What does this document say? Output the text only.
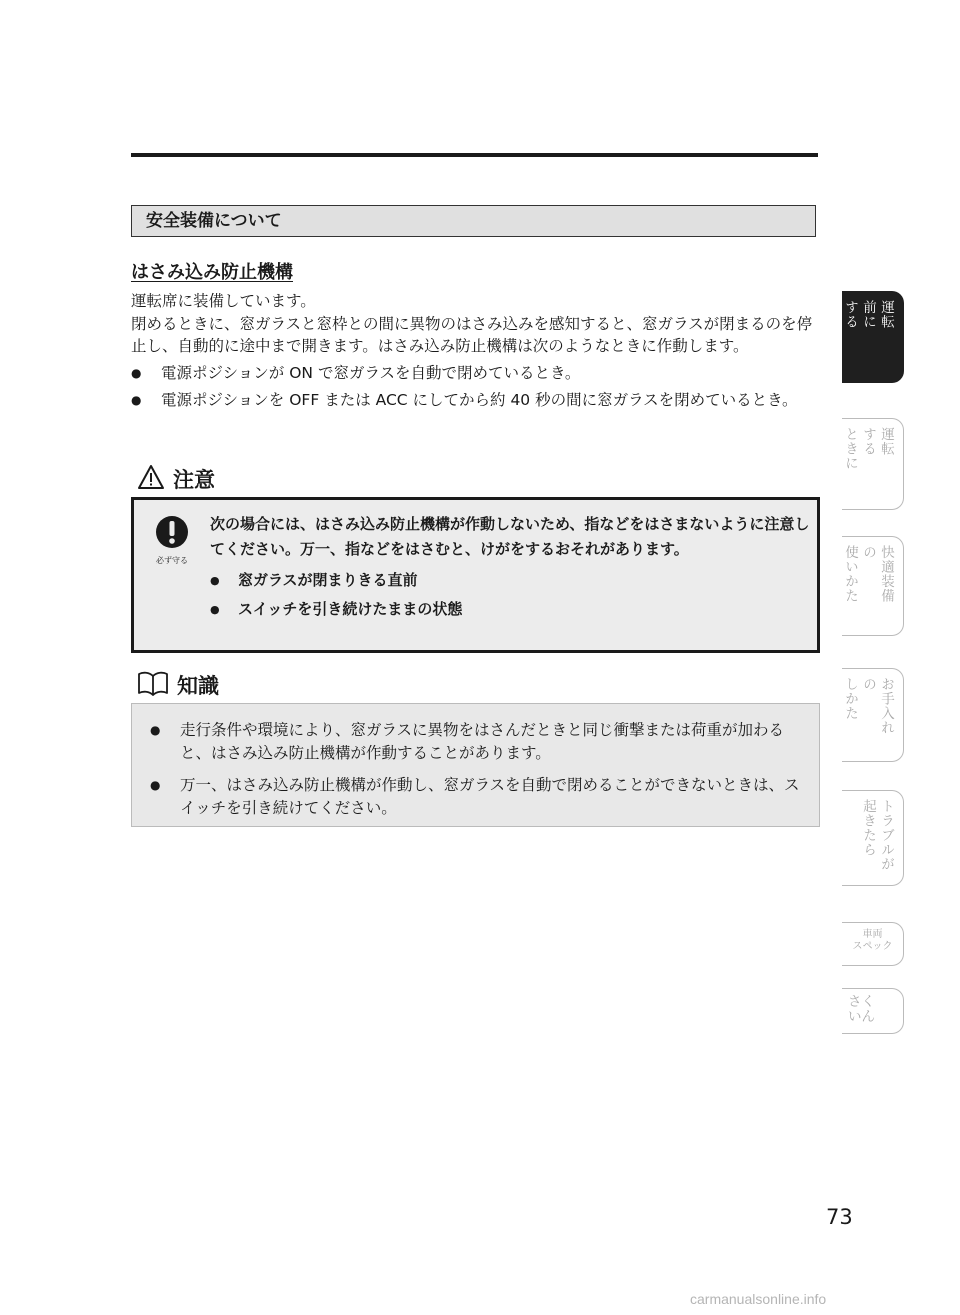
安全装備について
はさみ込み防止機構

運転席に装備しています。

閉めるときに、窓ガラスと窓枠との間に異物のはさみ込みを感知すると、窓ガラスが閉まるのを停止し、自動的に途中まで開きます。はさみ込み防止機構は次のようなときに作動します。

● 電源ポジションが ON で窓ガラスを自動で閉めているとき。
● 電源ポジションを OFF または ACC にしてから約 40 秒の間に窓ガラスを閉めているとき。
注意
必ず守る
次の場合には、はさみ込み防止機構が作動しないため、指などをはさまないように注意してください。万一、指などをはさむと、けがをするおそれがあります。
● 窓ガラスが閉まりきる直前
● スイッチを引き続けたままの状態
知識
● 走行条件や環境により、窓ガラスに異物をはさんだときと同じ衝撃または荷重が加わると、はさみ込み防止機構が作動することがあります。
● 万一、はさみ込み防止機構が作動し、窓ガラスを自動で閉めることができないときは、スイッチを引き続けてください。
運転
前に
する
運転
する
ときに
快適装備
の
使いかた
お手入れ
の
しかた
トラブルが
起きたら
車両
スペック
さく
いん
73
carmanualsonline.info
